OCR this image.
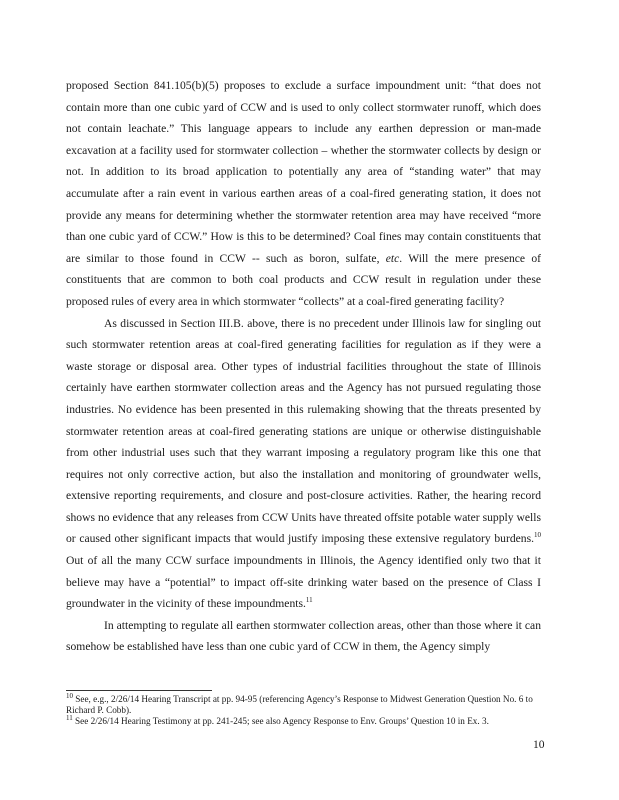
proposed Section 841.105(b)(5) proposes to exclude a surface impoundment unit: “that does not contain more than one cubic yard of CCW and is used to only collect stormwater runoff, which does not contain leachate.” This language appears to include any earthen depression or man-made excavation at a facility used for stormwater collection – whether the stormwater collects by design or not. In addition to its broad application to potentially any area of “standing water” that may accumulate after a rain event in various earthen areas of a coal-fired generating station, it does not provide any means for determining whether the stormwater retention area may have received “more than one cubic yard of CCW.” How is this to be determined? Coal fines may contain constituents that are similar to those found in CCW -- such as boron, sulfate, etc. Will the mere presence of constituents that are common to both coal products and CCW result in regulation under these proposed rules of every area in which stormwater “collects” at a coal-fired generating facility?

As discussed in Section III.B. above, there is no precedent under Illinois law for singling out such stormwater retention areas at coal-fired generating facilities for regulation as if they were a waste storage or disposal area. Other types of industrial facilities throughout the state of Illinois certainly have earthen stormwater collection areas and the Agency has not pursued regulating those industries. No evidence has been presented in this rulemaking showing that the threats presented by stormwater retention areas at coal-fired generating stations are unique or otherwise distinguishable from other industrial uses such that they warrant imposing a regulatory program like this one that requires not only corrective action, but also the installation and monitoring of groundwater wells, extensive reporting requirements, and closure and post-closure activities. Rather, the hearing record shows no evidence that any releases from CCW Units have threated offsite potable water supply wells or caused other significant impacts that would justify imposing these extensive regulatory burdens.$^{10}$ Out of all the many CCW surface impoundments in Illinois, the Agency identified only two that it believe may have a “potential” to impact off-site drinking water based on the presence of Class I groundwater in the vicinity of these impoundments.$^{11}$

In attempting to regulate all earthen stormwater collection areas, other than those where it can somehow be established have less than one cubic yard of CCW in them, the Agency simply

$^{10}$ See, e.g., 2/26/14 Hearing Transcript at pp. 94-95 (referencing Agency’s Response to Midwest Generation Question No. 6 to Richard P. Cobb).

$^{11}$ See 2/26/14 Hearing Testimony at pp. 241-245; see also Agency Response to Env. Groups’ Question 10 in Ex. 3.

10
